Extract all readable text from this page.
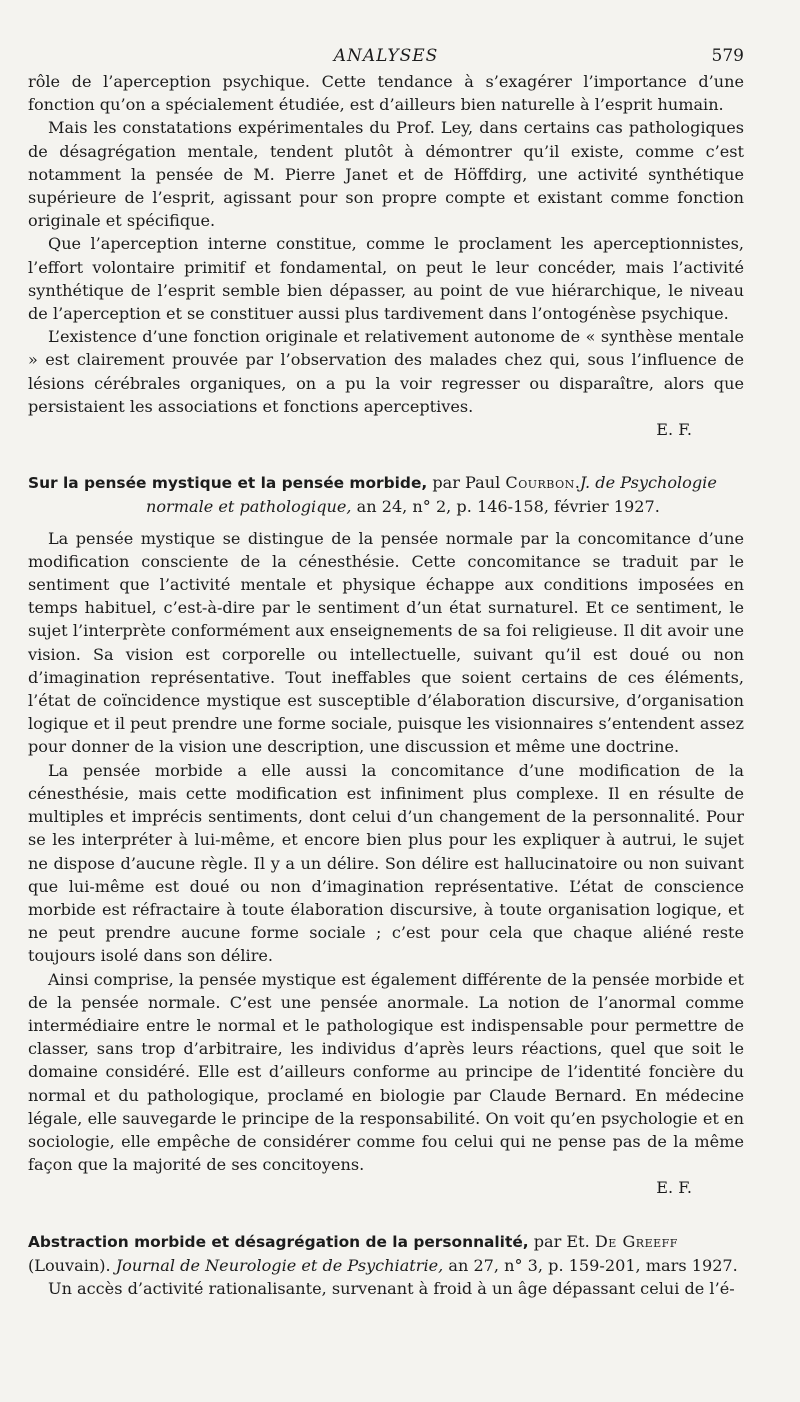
ANALYSES	579

rôle de l’aperception psychique. Cette tendance à s’exagérer l’importance d’une fonction qu’on a spécialement étudiée, est d’ailleurs bien naturelle à l’esprit humain.

Mais les constatations expérimentales du Prof. Ley, dans certains cas pathologiques de désagrégation mentale, tendent plutôt à démontrer qu’il existe, comme c’est notamment la pensée de M. Pierre Janet et de Höffdirg, une activité synthétique supérieure de l’esprit, agissant pour son propre compte et existant comme fonction originale et spécifique.

Que l’aperception interne constitue, comme le proclament les aperceptionnistes, l’effort volontaire primitif et fondamental, on peut le leur concéder, mais l’activité synthétique de l’esprit semble bien dépasser, au point de vue hiérarchique, le niveau de l’aperception et se constituer aussi plus tardivement dans l’ontogénèse psychique.

L’existence d’une fonction originale et relativement autonome de « synthèse mentale » est clairement prouvée par l’observation des malades chez qui, sous l’influence de lésions cérébrales organiques, on a pu la voir regresser ou disparaître, alors que persistaient les associations et fonctions aperceptives.

E. F.
Sur la pensée mystique et la pensée morbide, par Paul Courbon.J. de Psychologie
normale et pathologique, an 24, n° 2, p. 146-158, février 1927.

La pensée mystique se distingue de la pensée normale par la concomitance d’une modification consciente de la cénesthésie. Cette concomitance se traduit par le sentiment que l’activité mentale et physique échappe aux conditions imposées en temps habituel, c’est-à-dire par le sentiment d’un état surnaturel. Et ce sentiment, le sujet l’interprète conformément aux enseignements de sa foi religieuse. Il dit avoir une vision. Sa vision est corporelle ou intellectuelle, suivant qu’il est doué ou non d’imagination représentative. Tout ineffables que soient certains de ces éléments, l’état de coïncidence mystique est susceptible d’élaboration discursive, d’organisation logique et il peut prendre une forme sociale, puisque les visionnaires s’entendent assez pour donner de la vision une description, une discussion et même une doctrine.

La pensée morbide a elle aussi la concomitance d’une modification de la cénesthésie, mais cette modification est infiniment plus complexe. Il en résulte de multiples et imprécis sentiments, dont celui d’un changement de la personnalité. Pour se les interpréter à lui-même, et encore bien plus pour les expliquer à autrui, le sujet ne dispose d’aucune règle. Il y a un délire. Son délire est hallucinatoire ou non suivant que lui-même est doué ou non d’imagination représentative. L’état de conscience morbide est réfractaire à toute élaboration discursive, à toute organisation logique, et ne peut prendre aucune forme sociale ; c’est pour cela que chaque aliéné reste toujours isolé dans son délire.

Ainsi comprise, la pensée mystique est également différente de la pensée morbide et de la pensée normale. C’est une pensée anormale. La notion de l’anormal comme intermédiaire entre le normal et le pathologique est indispensable pour permettre de classer, sans trop d’arbitraire, les individus d’après leurs réactions, quel que soit le domaine considéré. Elle est d’ailleurs conforme au principe de l’identité foncière du normal et du pathologique, proclamé en biologie par Claude Bernard. En médecine légale, elle sauvegarde le principe de la responsabilité. On voit qu’en psychologie et en sociologie, elle empêche de considérer comme fou celui qui ne pense pas de la même façon que la majorité de ses concitoyens.

E. F.
Abstraction morbide et désagrégation de la personnalité, par Et. De Greeff (Louvain). Journal de Neurologie et de Psychiatrie, an 27, n° 3, p. 159-201, mars 1927.

Un accès d’activité rationalisante, survenant à froid à un âge dépassant celui de l’é-
